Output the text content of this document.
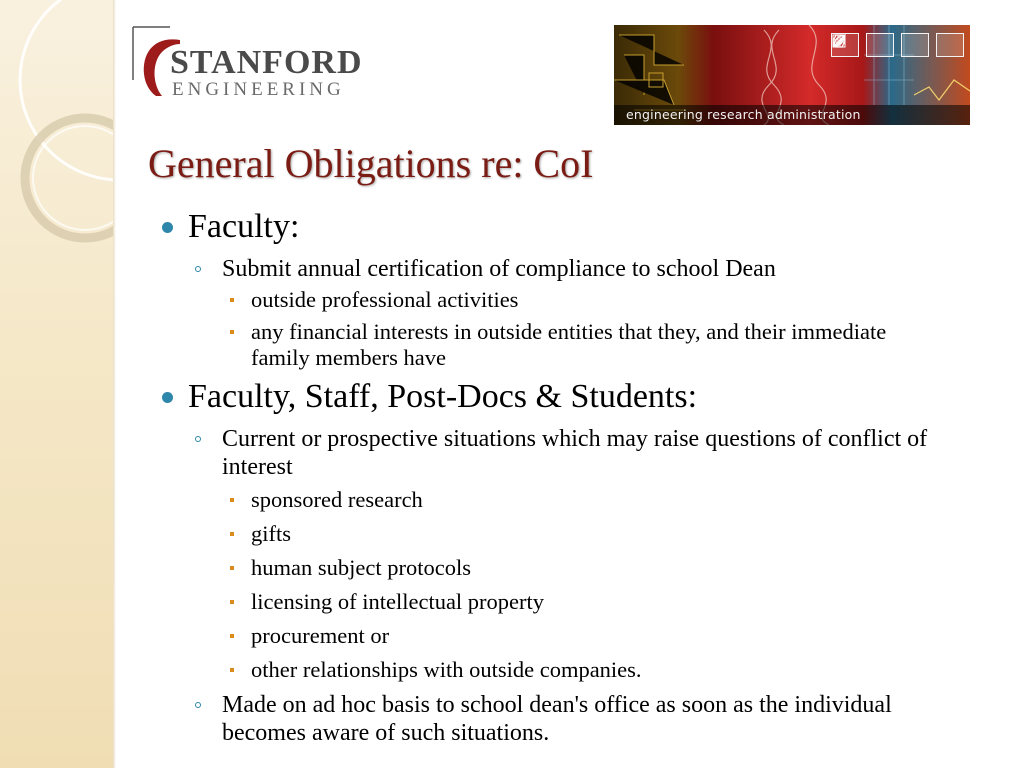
STANFORD
ENGINEERING
engineering research administration
General Obligations re: CoI
Faculty:
Submit annual certification of compliance to school Dean
outside professional activities
any financial interests in outside entities that they, and their immediate family members have
Faculty, Staff, Post-Docs & Students:
Current or prospective situations which may raise questions of conflict of interest
sponsored research
gifts
human subject protocols
licensing of intellectual property
procurement or
other relationships with outside companies.
Made on ad hoc basis to school dean's office as soon as the individual becomes aware of such situations.
